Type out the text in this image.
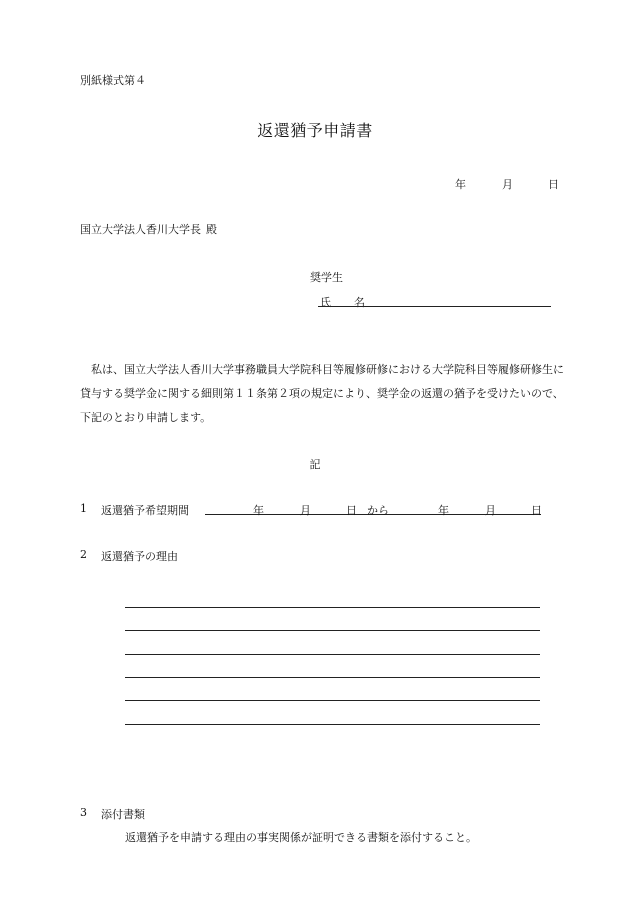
別紙様式第４
返還猶予申請書
年	月	日
国立大学法人香川大学長 殿
奨学生
氏 名
私は、国立大学法人香川大学事務職員大学院科目等履修研修における大学院科目等履修研修生に貸与する奨学金に関する細則第１１条第２項の規定により、奨学金の返還の猶予を受けたいので、下記のとおり申請します。
記
1 返還猶予希望期間	年	月	日 から	年	月	日
2 返還猶予の理由
3 添付書類
返還猶予を申請する理由の事実関係が証明できる書類を添付すること。
